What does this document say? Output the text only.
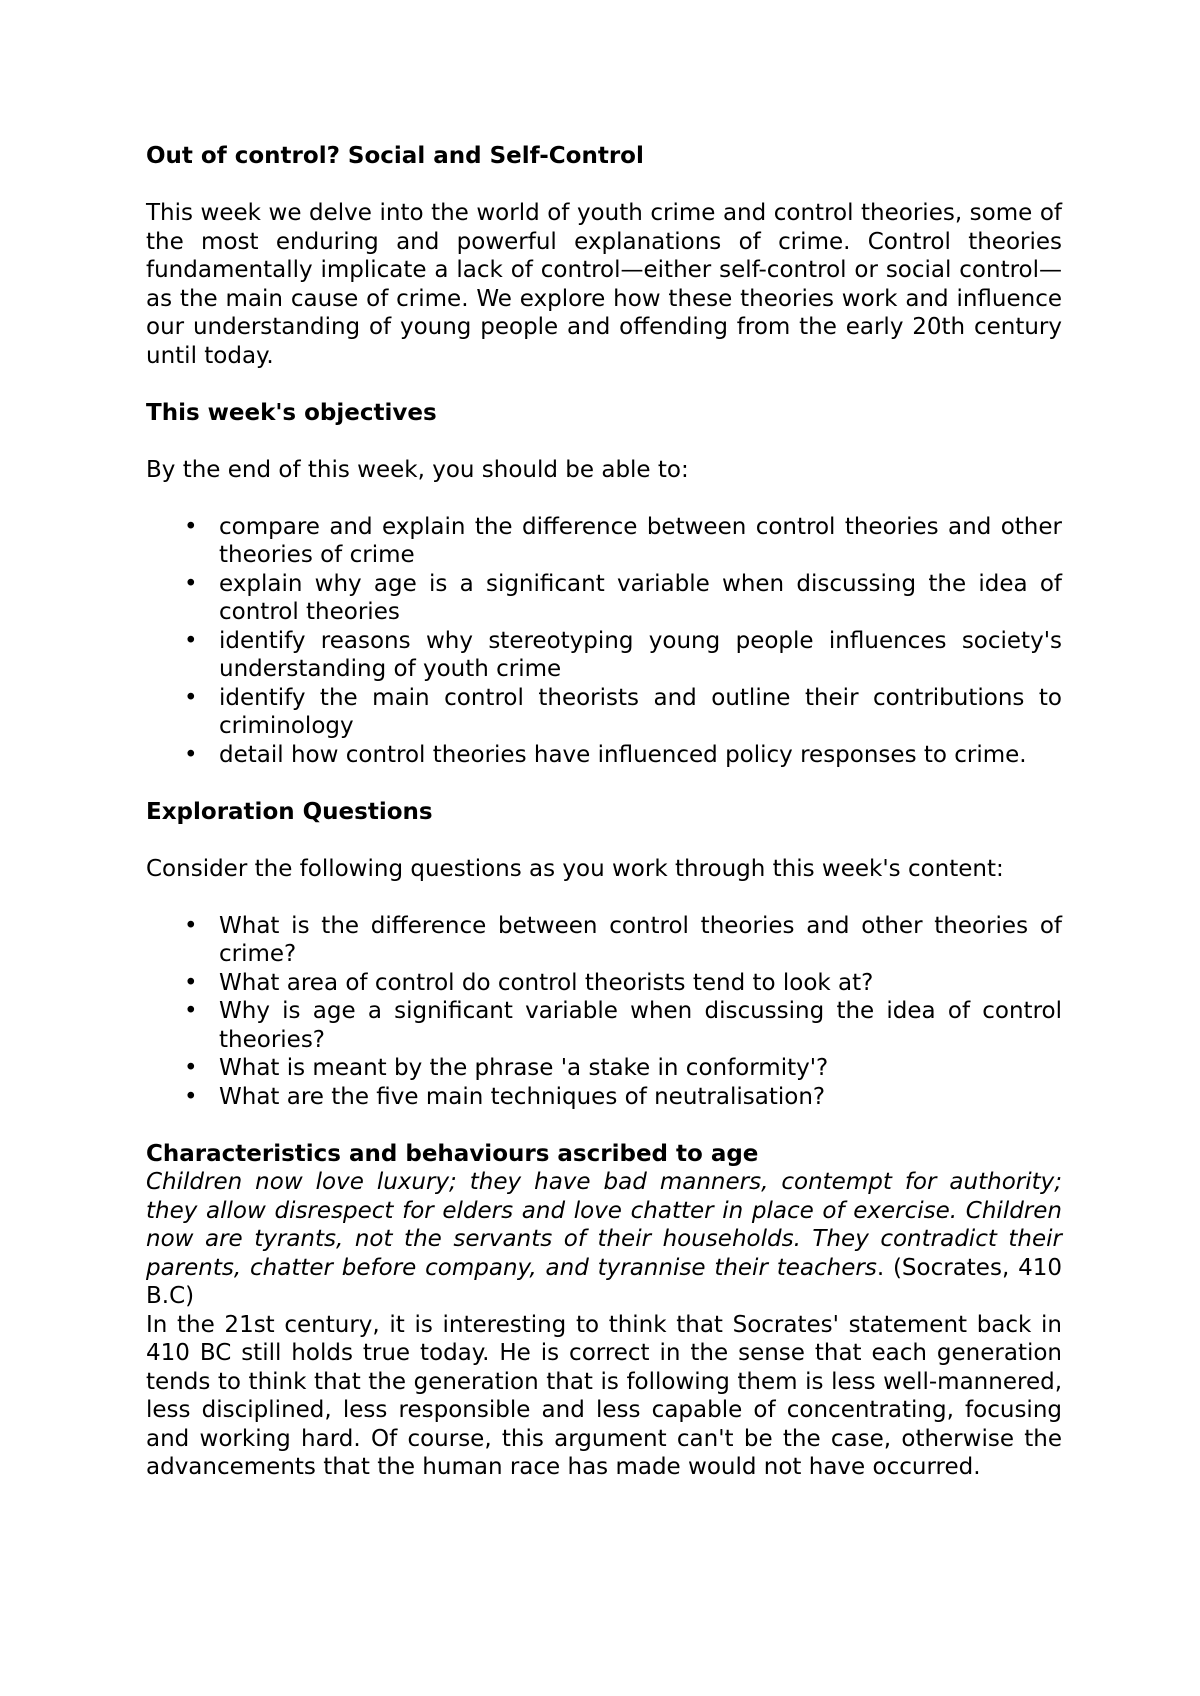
Out of control? Social and Self-Control

This week we delve into the world of youth crime and control theories, some of the most enduring and powerful explanations of crime. Control theories fundamentally implicate a lack of control—either self-control or social control—as the main cause of crime. We explore how these theories work and influence our understanding of young people and offending from the early 20th century until today.

This week's objectives

By the end of this week, you should be able to:

• compare and explain the difference between control theories and other theories of crime
• explain why age is a significant variable when discussing the idea of control theories
• identify reasons why stereotyping young people influences society's understanding of youth crime
• identify the main control theorists and outline their contributions to criminology
• detail how control theories have influenced policy responses to crime.
Exploration Questions

Consider the following questions as you work through this week's content:

• What is the difference between control theories and other theories of crime?
• What area of control do control theorists tend to look at?
• Why is age a significant variable when discussing the idea of control theories?
• What is meant by the phrase 'a stake in conformity'?
• What are the five main techniques of neutralisation?
Characteristics and behaviours ascribed to age

Children now love luxury; they have bad manners, contempt for authority; they allow disrespect for elders and love chatter in place of exercise. Children now are tyrants, not the servants of their households. They contradict their parents, chatter before company, and tyrannise their teachers. (Socrates, 410 B.C)

In the 21st century, it is interesting to think that Socrates' statement back in 410 BC still holds true today. He is correct in the sense that each generation tends to think that the generation that is following them is less well-mannered, less disciplined, less responsible and less capable of concentrating, focusing and working hard. Of course, this argument can't be the case, otherwise the advancements that the human race has made would not have occurred.
